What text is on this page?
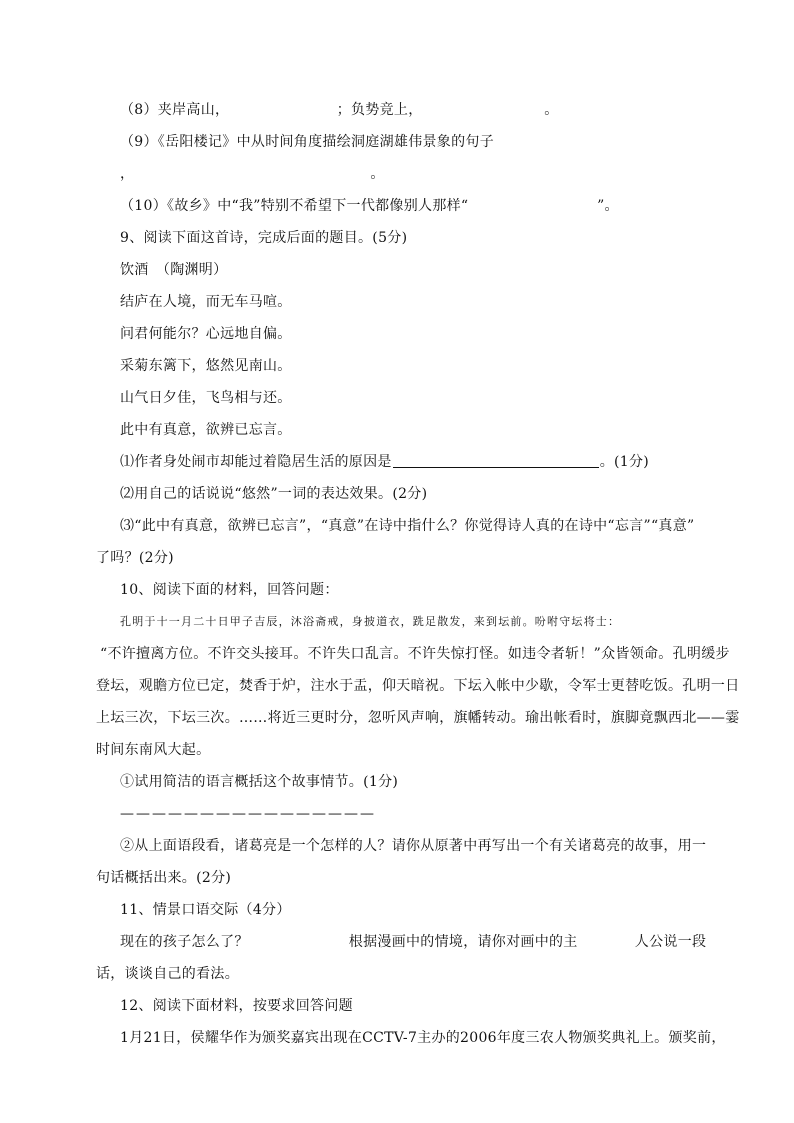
（8）夹岸高山，　　　　　　　　；负势竞上，　　　　　　　　　。
（9）《岳阳楼记》中从时间角度描绘洞庭湖雄伟景象的句子
，　　　　　　　　　　　　　　　　　。
（10）《故乡》中“我”特别不希望下一代都像别人那样“　　　　　　　　　”。
9、阅读下面这首诗，完成后面的题目。(5分)
饮酒　（陶渊明）
结庐在人境，而无车马喧。
问君何能尔？心远地自偏。
采菊东篱下，悠然见南山。
山气日夕佳，飞鸟相与还。
此中有真意，欲辨已忘言。
⑴作者身处闹市却能过着隐居生活的原因是	。(1分)
⑵用自己的话说说“悠然”一词的表达效果。(2分)
⑶“此中有真意，欲辨已忘言”，“真意”在诗中指什么？你觉得诗人真的在诗中“忘言”“真意”
了吗？(2分)
10、阅读下面的材料，回答问题：
孔明于十一月二十日甲子吉辰，沐浴斋戒，身披道衣，跣足散发，来到坛前。吩咐守坛将士：
“不许擅离方位。不许交头接耳。不许失口乱言。不许失惊打怪。如违令者斩！”众皆领命。孔明缓步
登坛，观瞻方位已定，焚香于炉，注水于盂，仰天暗祝。下坛入帐中少歇，令军士更替吃饭。孔明一日
上坛三次，下坛三次。……将近三更时分，忽听风声响，旗幡转动。瑜出帐看时，旗脚竟飘西北——霎
时间东南风大起。
①试用简洁的语言概括这个故事情节。(1分)
————————————————
②从上面语段看，诸葛亮是一个怎样的人？请你从原著中再写出一个有关诸葛亮的故事，用一
句话概括出来。(2分)
11、情景口语交际（4分）
现在的孩子怎么了？　　　　　　　根据漫画中的情境，请你对画中的主　　　　人公说一段
话，谈谈自己的看法。
12、阅读下面材料，按要求回答问题
1月21日，侯耀华作为颁奖嘉宾出现在CCTV-7主办的2006年度三农人物颁奖典礼上。颁奖前，
